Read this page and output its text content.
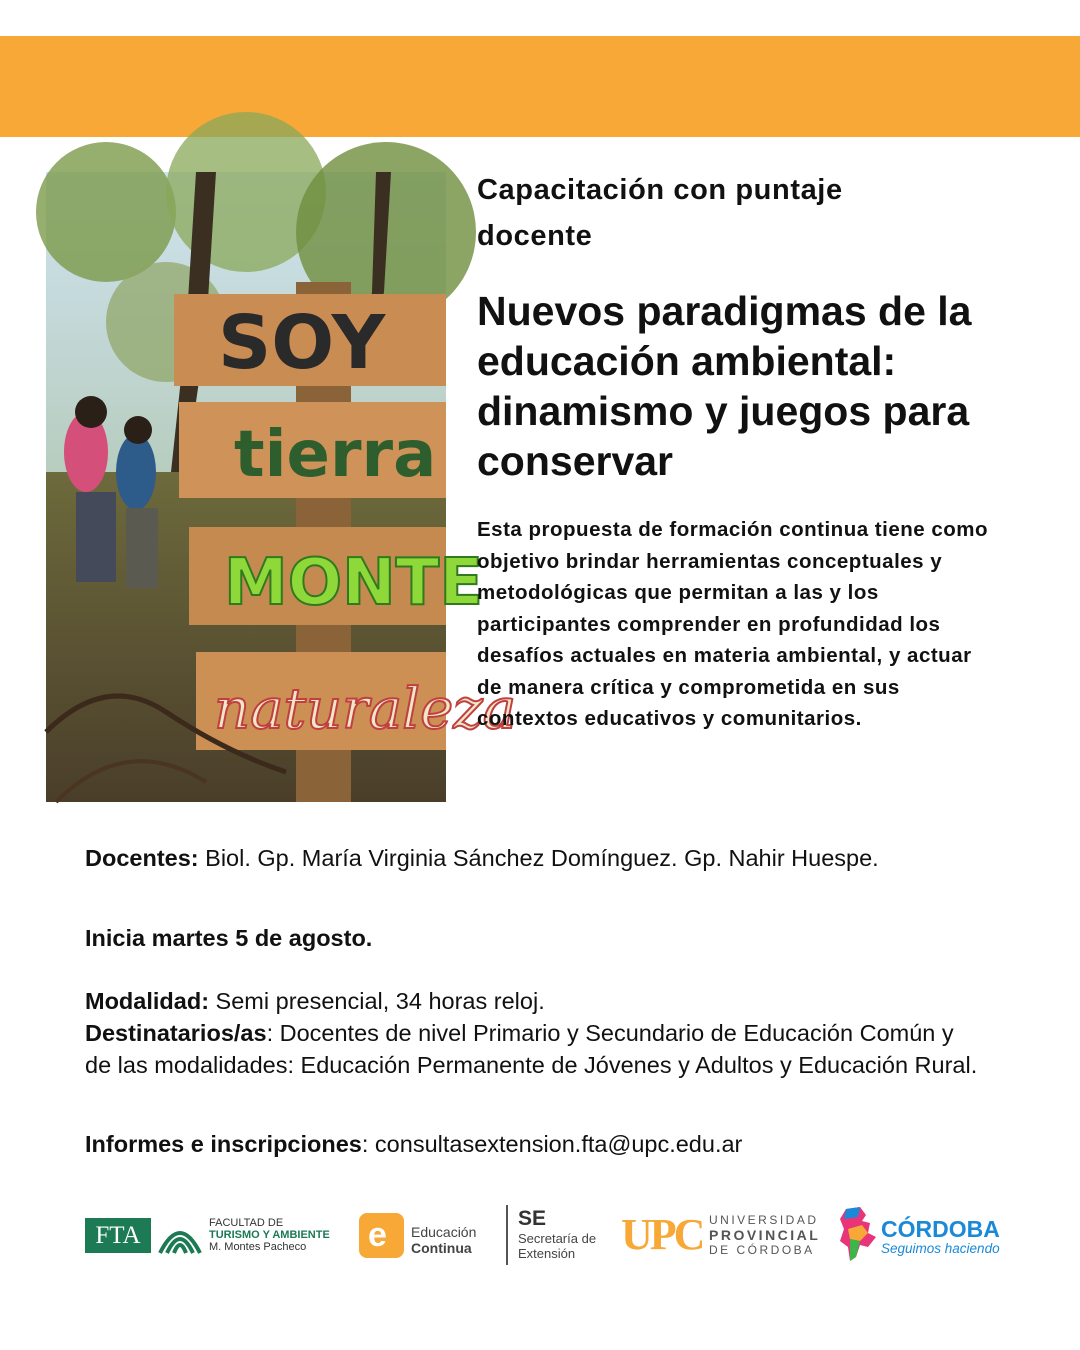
SOY
tierra
MONTE
naturaleza
Capacitación con puntaje docente
Nuevos paradigmas de la educación ambiental: dinamismo y juegos para conservar

Esta propuesta de formación continua tiene como objetivo brindar herramientas conceptuales y metodológicas que permitan a las y los participantes comprender en profundidad los desafíos actuales en materia ambiental, y actuar de manera crítica y comprometida en sus contextos educativos y comunitarios.

Docentes: Biol. Gp. María Virginia Sánchez Domínguez. Gp. Nahir Huespe.

Inicia martes 5 de agosto.

Modalidad: Semi presencial, 34 horas reloj.

Destinatarios/as: Docentes de nivel Primario y Secundario de Educación Común y de las modalidades: Educación Permanente de Jóvenes y Adultos y Educación Rural.

Informes e inscripciones: consultasextension.fta@upc.edu.ar

FTA	FACULTAD DE
TURISMO Y AMBIENTE
M. Montes Pacheco	e Educación
Continua
SE
Secretaría de
Extensión	UPC UNIVERSIDAD
PROVINCIAL
DE CÓRDOBA
CÓRDOBA
Seguimos haciendo
